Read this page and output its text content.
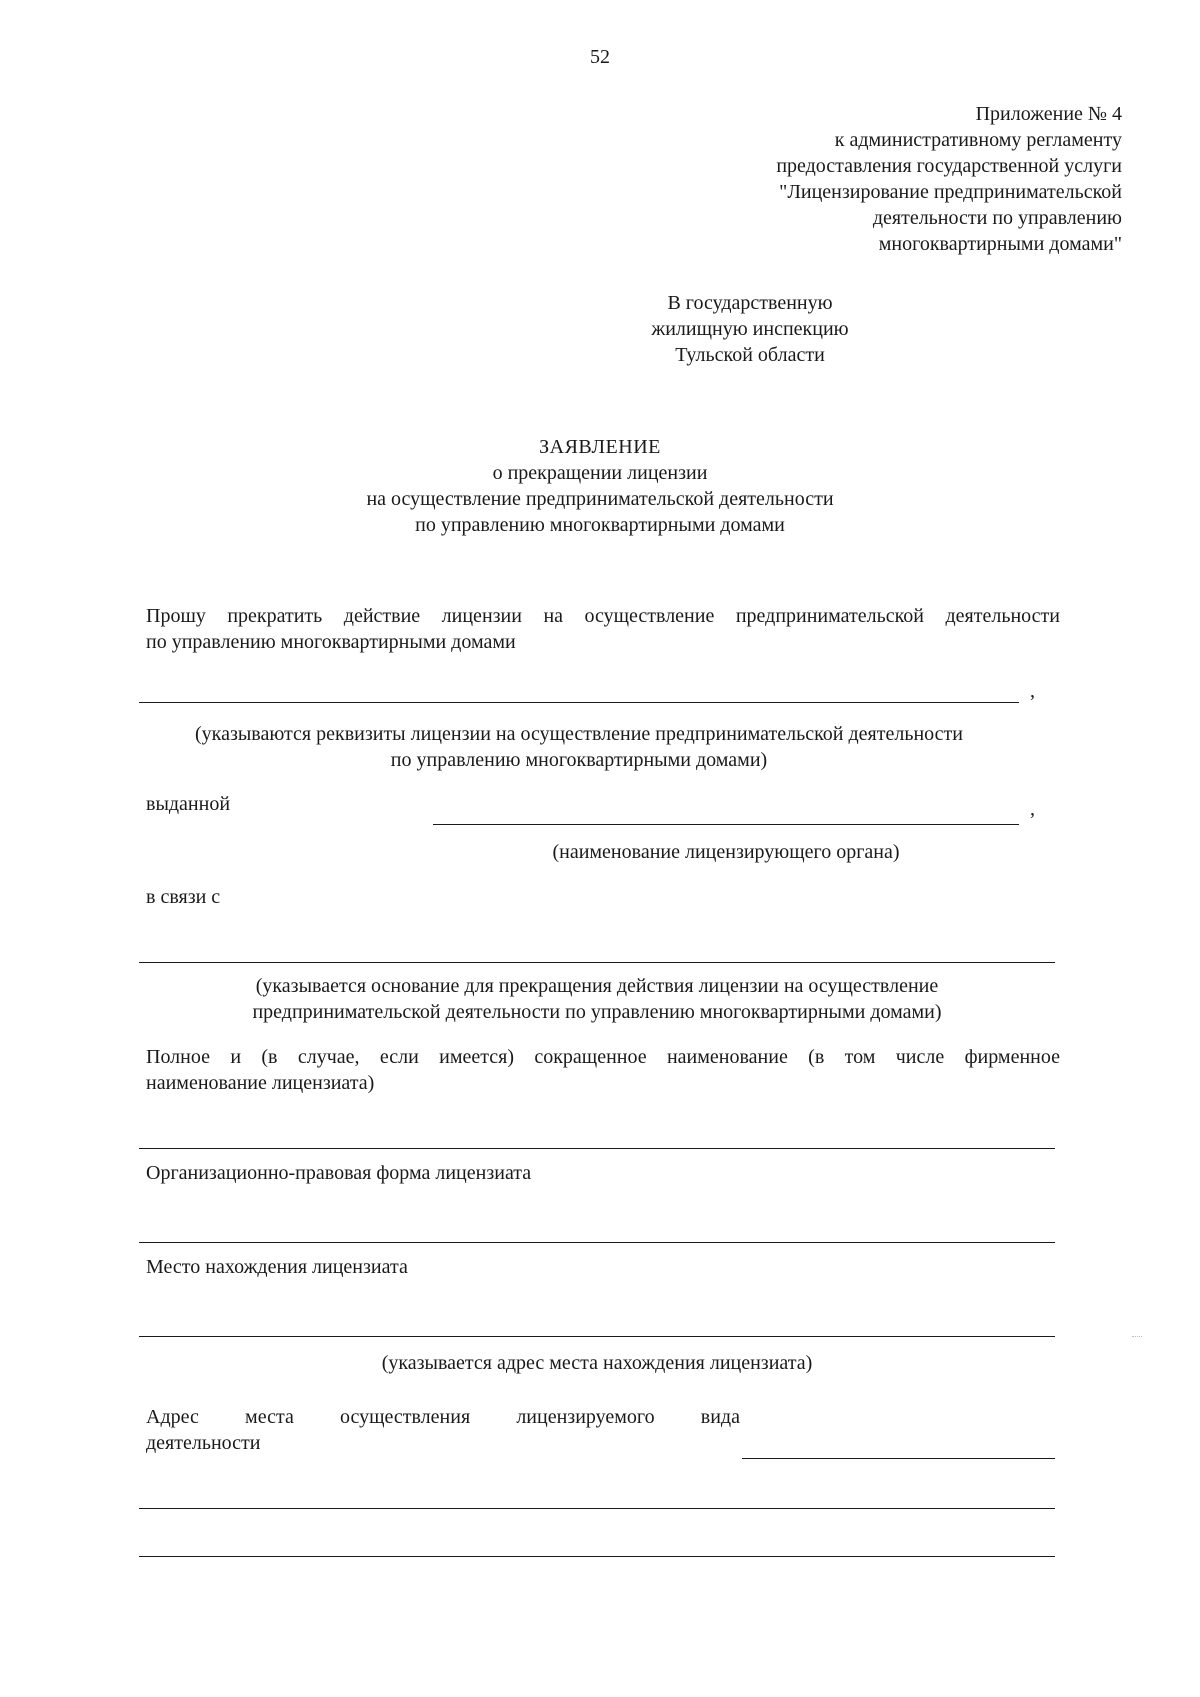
52

Приложение № 4
к административному регламенту
предоставления государственной услуги
"Лицензирование предпринимательской
деятельности по управлению
многоквартирными домами"
В государственную
жилищную инспекцию
Тульской области
ЗАЯВЛЕНИЕ
о прекращении лицензии
на осуществление предпринимательской деятельности
по управлению многоквартирными домами
Прошу прекратить действие лицензии на осуществление предпринимательской деятельности
по управлению многоквартирными домами
,
(указываются реквизиты лицензии на осуществление предпринимательской деятельности
по управлению многоквартирными домами)
выданной	,
(наименование лицензирующего органа)
в связи с
(указывается основание для прекращения действия лицензии на осуществление
предпринимательской деятельности по управлению многоквартирными домами)
Полное и (в случае, если имеется) сокращенное наименование (в том числе фирменное
наименование лицензиата)
Организационно-правовая форма лицензиата
Место нахождения лицензиата
(указывается адрес места нахождения лицензиата)
Адрес места осуществления лицензируемого вида
деятельности
